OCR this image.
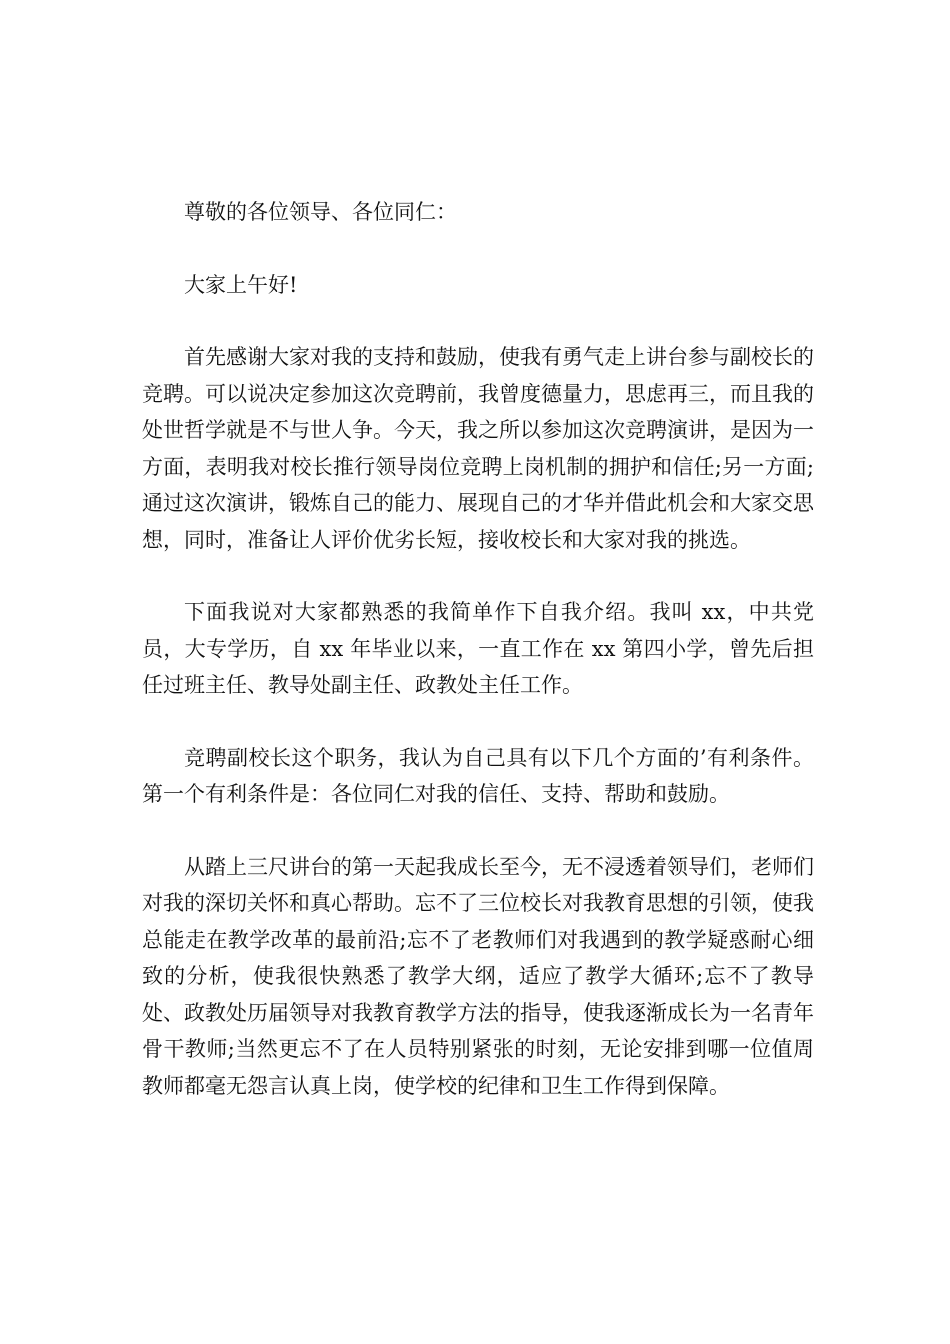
尊敬的各位领导、各位同仁：

大家上午好!

首先感谢大家对我的支持和鼓励，使我有勇气走上讲台参与副校长的竞聘。可以说决定参加这次竞聘前，我曾度德量力，思虑再三，而且我的处世哲学就是不与世人争。今天，我之所以参加这次竞聘演讲，是因为一方面，表明我对校长推行领导岗位竞聘上岗机制的拥护和信任;另一方面;通过这次演讲，锻炼自己的能力、展现自己的才华并借此机会和大家交思想，同时，准备让人评价优劣长短，接收校长和大家对我的挑选。

下面我说对大家都熟悉的我简单作下自我介绍。我叫 xx，中共党员，大专学历，自 xx 年毕业以来，一直工作在 xx 第四小学，曾先后担任过班主任、教导处副主任、政教处主任工作。

竞聘副校长这个职务，我认为自己具有以下几个方面的’有利条件。第一个有利条件是：各位同仁对我的信任、支持、帮助和鼓励。

从踏上三尺讲台的第一天起我成长至今，无不浸透着领导们，老师们对我的深切关怀和真心帮助。忘不了三位校长对我教育思想的引领，使我总能走在教学改革的最前沿;忘不了老教师们对我遇到的教学疑惑耐心细致的分析，使我很快熟悉了教学大纲，适应了教学大循环;忘不了教导处、政教处历届领导对我教育教学方法的指导，使我逐渐成长为一名青年骨干教师;当然更忘不了在人员特别紧张的时刻，无论安排到哪一位值周教师都毫无怨言认真上岗，使学校的纪律和卫生工作得到保障。
